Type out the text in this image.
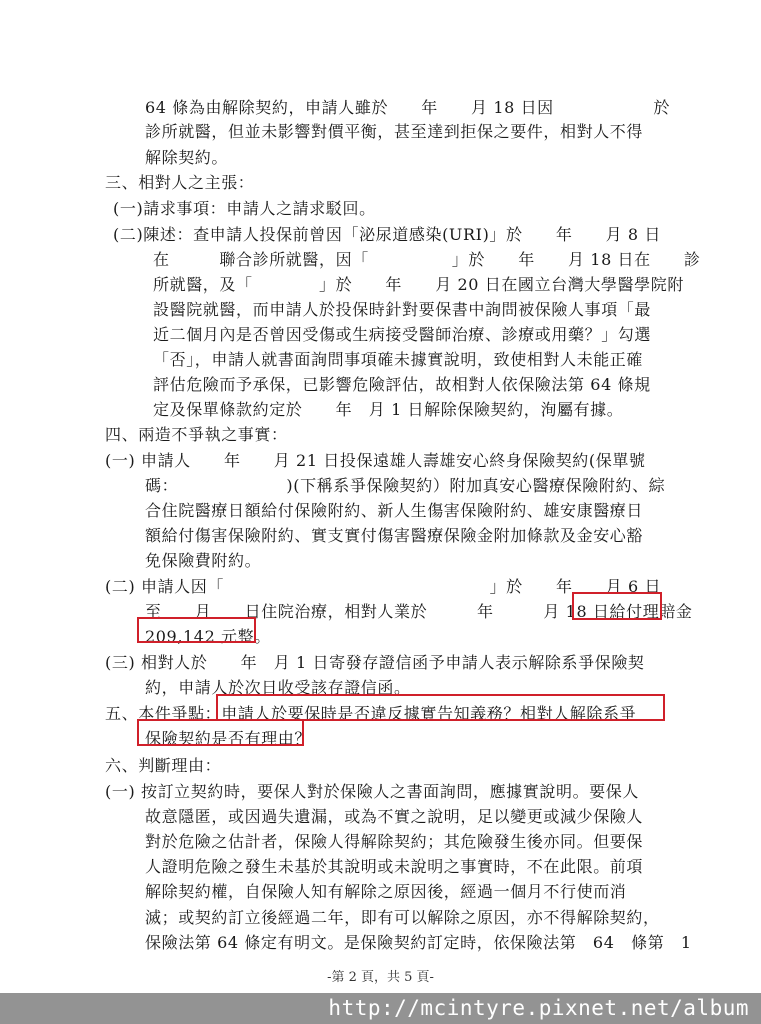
64 條為由解除契約，申請人雖於　　年　　月 18 日因　　　　　　於
診所就醫，但並未影響對價平衡，甚至達到拒保之要件，相對人不得
解除契約。
三、相對人之主張：
(一)請求事項：申請人之請求駁回。
(二)陳述：查申請人投保前曾因「泌尿道感染(URI)」於　　年　　月 8 日
在　　　聯合診所就醫，因「　　　　　」於　　年　　月 18 日在　　診
所就醫，及「　　　　」於　　年　　月 20 日在國立台灣大學醫學院附
設醫院就醫，而申請人於投保時針對要保書中詢問被保險人事項「最
近二個月內是否曾因受傷或生病接受醫師治療、診療或用藥？」勾選
「否」，申請人就書面詢問事項確未據實說明，致使相對人未能正確
評估危險而予承保，已影響危險評估，故相對人依保險法第 64 條規
定及保單條款約定於　　年　月 1 日解除保險契約，洵屬有據。
四、兩造不爭執之事實：
(一) 申請人　　年　　月 21 日投保遠雄人壽雄安心終身保險契約(保單號
碼：　　　　　　　)(下稱系爭保險契約）附加真安心醫療保險附約、綜
合住院醫療日額給付保險附約、新人生傷害保險附約、雄安康醫療日
額給付傷害保險附約、實支實付傷害醫療保險金附加條款及金安心豁
免保險費附約。
(二) 申請人因「　　　　　　　　　　　　　　　　」於　　年　　月 6 日
至　　月　　日住院治療，相對人業於　　　年　　　月 18 日給付理賠金
209,142 元整。
(三) 相對人於　　年　月 1 日寄發存證信函予申請人表示解除系爭保險契
約，申請人於次日收受該存證信函。
五、本件爭點：申請人於要保時是否違反據實告知義務？相對人解除系爭
保險契約是否有理由？
六、判斷理由：
(一) 按訂立契約時，要保人對於保險人之書面詢問，應據實說明。要保人
故意隱匿，或因過失遺漏，或為不實之說明，足以變更或減少保險人
對於危險之估計者，保險人得解除契約；其危險發生後亦同。但要保
人證明危險之發生未基於其說明或未說明之事實時，不在此限。前項
解除契約權，自保險人知有解除之原因後，經過一個月不行使而消
滅；或契約訂立後經過二年，即有可以解除之原因，亦不得解除契約，
保險法第 64 條定有明文。是保險契約訂定時，依保險法第　64　條第　1
-第 2 頁，共 5 頁-
http://mcintyre.pixnet.net/album
